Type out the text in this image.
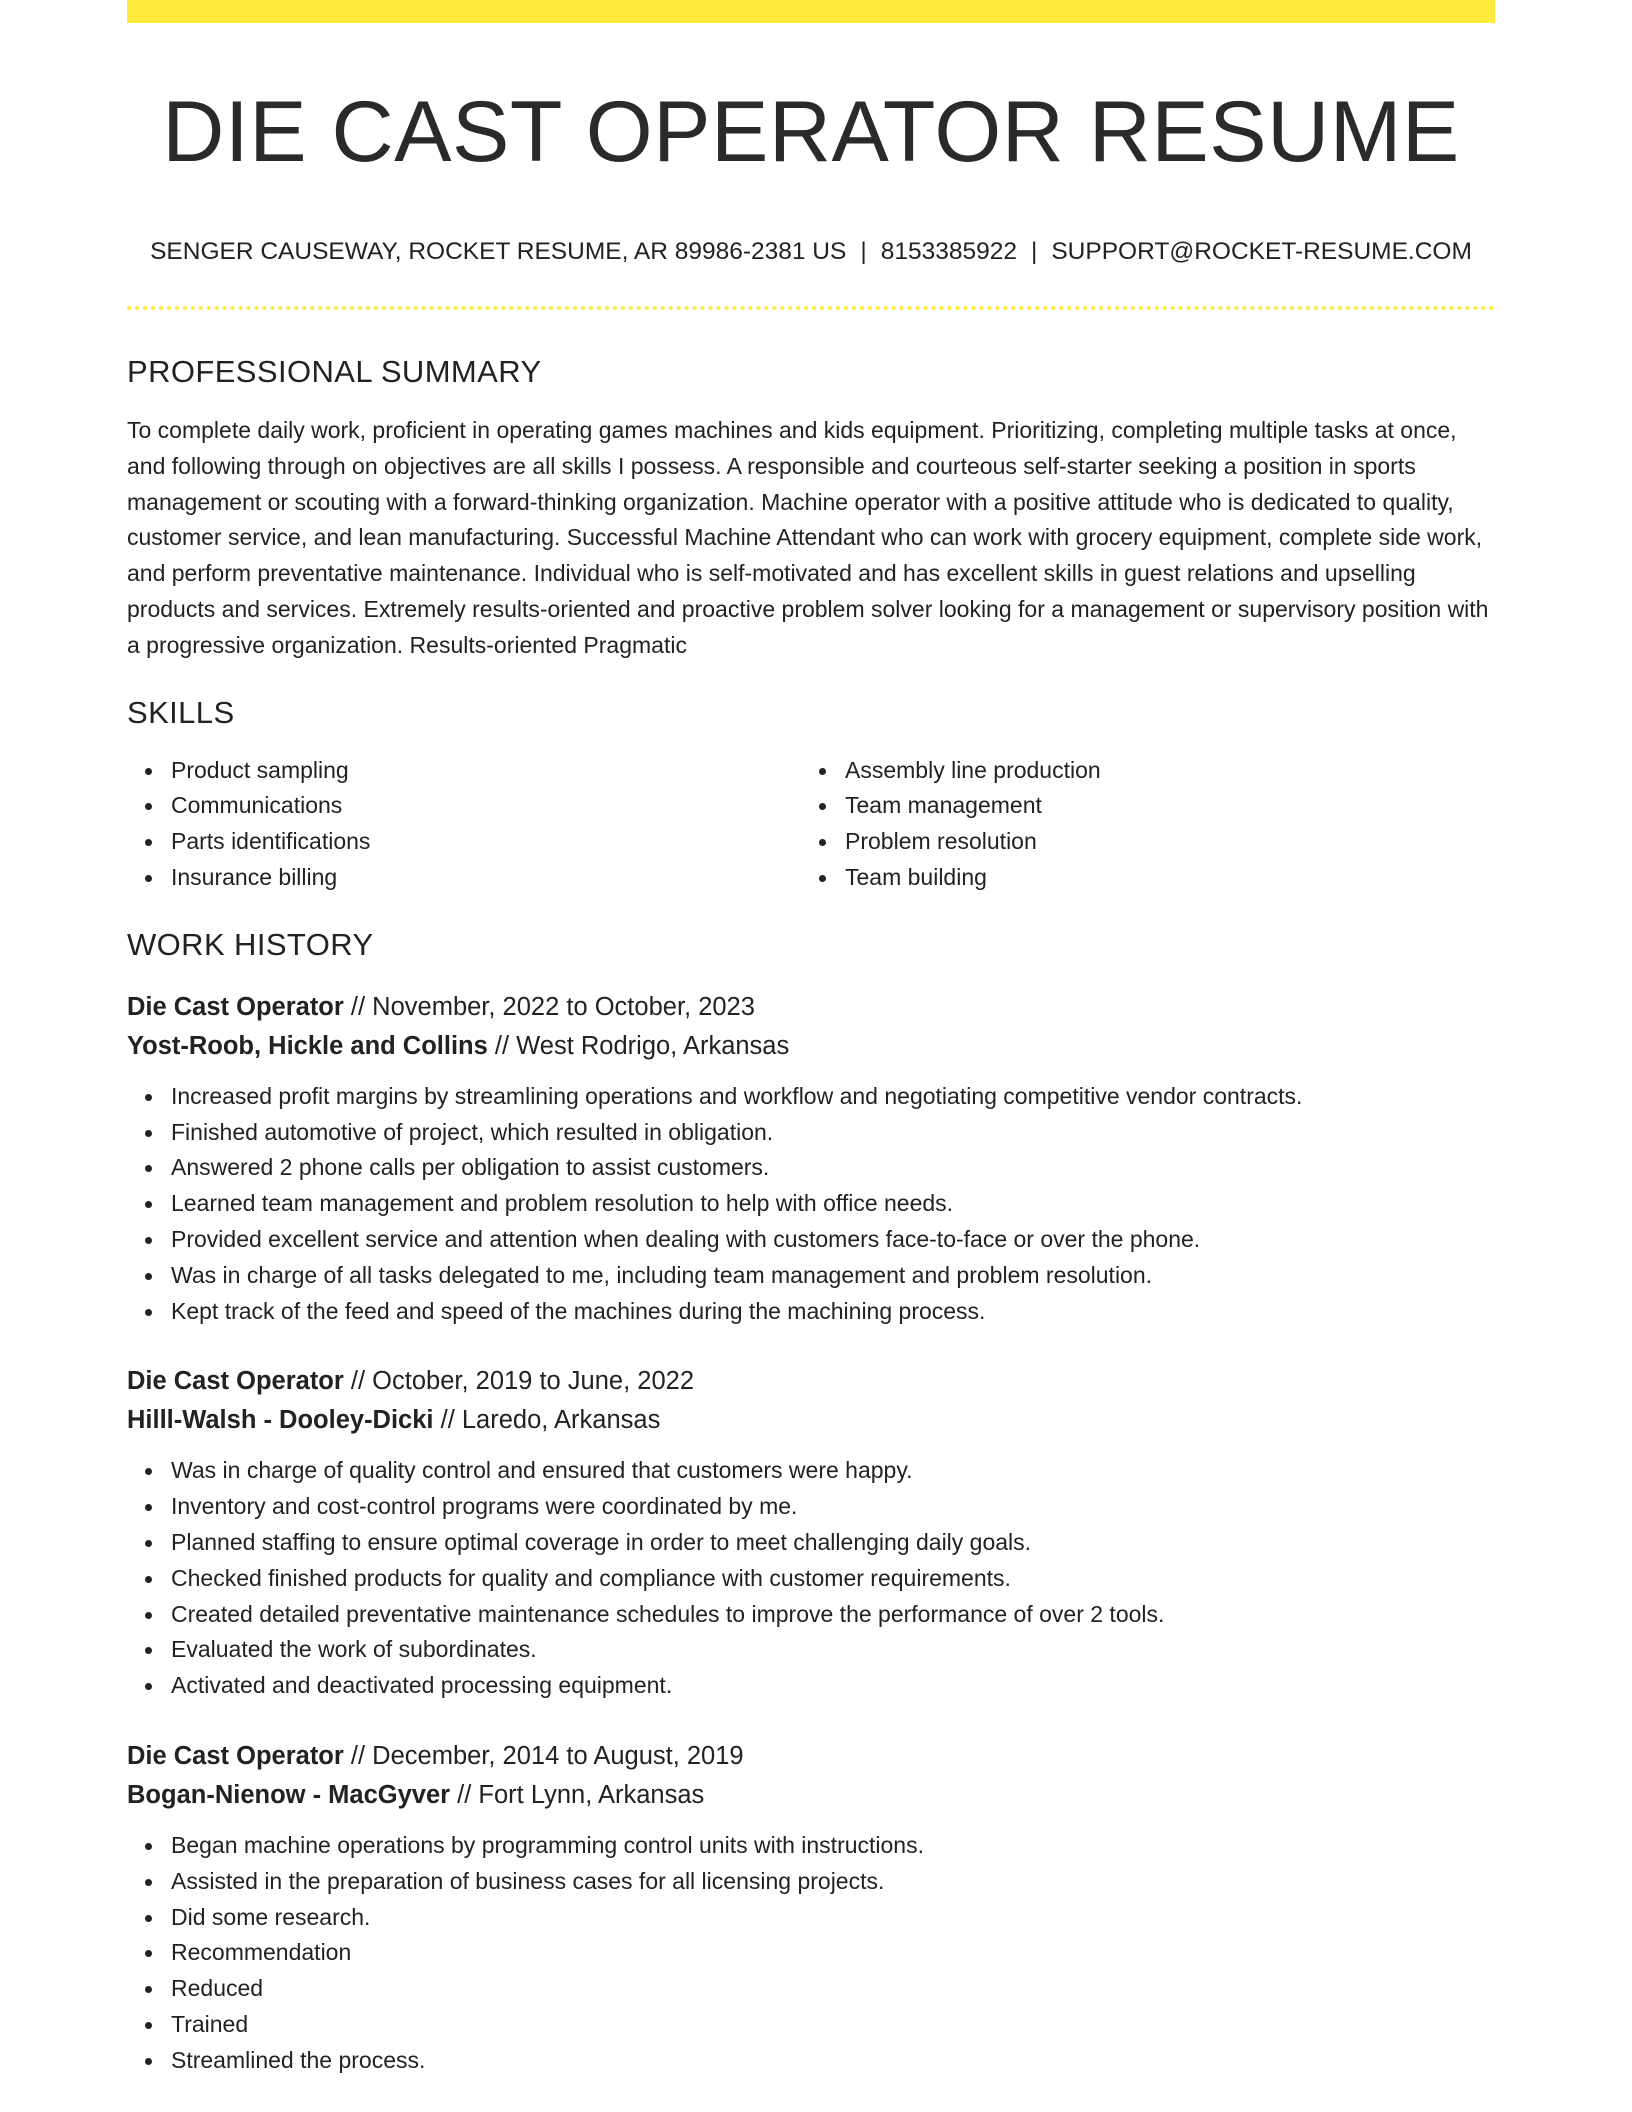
DIE CAST OPERATOR RESUME
SENGER CAUSEWAY, ROCKET RESUME, AR 89986-2381 US | 8153385922 | SUPPORT@ROCKET-RESUME.COM
PROFESSIONAL SUMMARY

To complete daily work, proficient in operating games machines and kids equipment. Prioritizing, completing multiple tasks at once, and following through on objectives are all skills I possess. A responsible and courteous self-starter seeking a position in sports management or scouting with a forward-thinking organization. Machine operator with a positive attitude who is dedicated to quality, customer service, and lean manufacturing. Successful Machine Attendant who can work with grocery equipment, complete side work, and perform preventative maintenance. Individual who is self-motivated and has excellent skills in guest relations and upselling products and services. Extremely results-oriented and proactive problem solver looking for a management or supervisory position with a progressive organization. Results-oriented Pragmatic

SKILLS
Product sampling
Communications
Parts identifications
Insurance billing
Assembly line production
Team management
Problem resolution
Team building
WORK HISTORY
Die Cast Operator // November, 2022 to October, 2023
Yost-Roob, Hickle and Collins // West Rodrigo, Arkansas
Increased profit margins by streamlining operations and workflow and negotiating competitive vendor contracts.
Finished automotive of project, which resulted in obligation.
Answered 2 phone calls per obligation to assist customers.
Learned team management and problem resolution to help with office needs.
Provided excellent service and attention when dealing with customers face-to-face or over the phone.
Was in charge of all tasks delegated to me, including team management and problem resolution.
Kept track of the feed and speed of the machines during the machining process.
Die Cast Operator // October, 2019 to June, 2022
Hilll-Walsh - Dooley-Dicki // Laredo, Arkansas
Was in charge of quality control and ensured that customers were happy.
Inventory and cost-control programs were coordinated by me.
Planned staffing to ensure optimal coverage in order to meet challenging daily goals.
Checked finished products for quality and compliance with customer requirements.
Created detailed preventative maintenance schedules to improve the performance of over 2 tools.
Evaluated the work of subordinates.
Activated and deactivated processing equipment.
Die Cast Operator // December, 2014 to August, 2019
Bogan-Nienow - MacGyver // Fort Lynn, Arkansas
Began machine operations by programming control units with instructions.
Assisted in the preparation of business cases for all licensing projects.
Did some research.
Recommendation
Reduced
Trained
Streamlined the process.
